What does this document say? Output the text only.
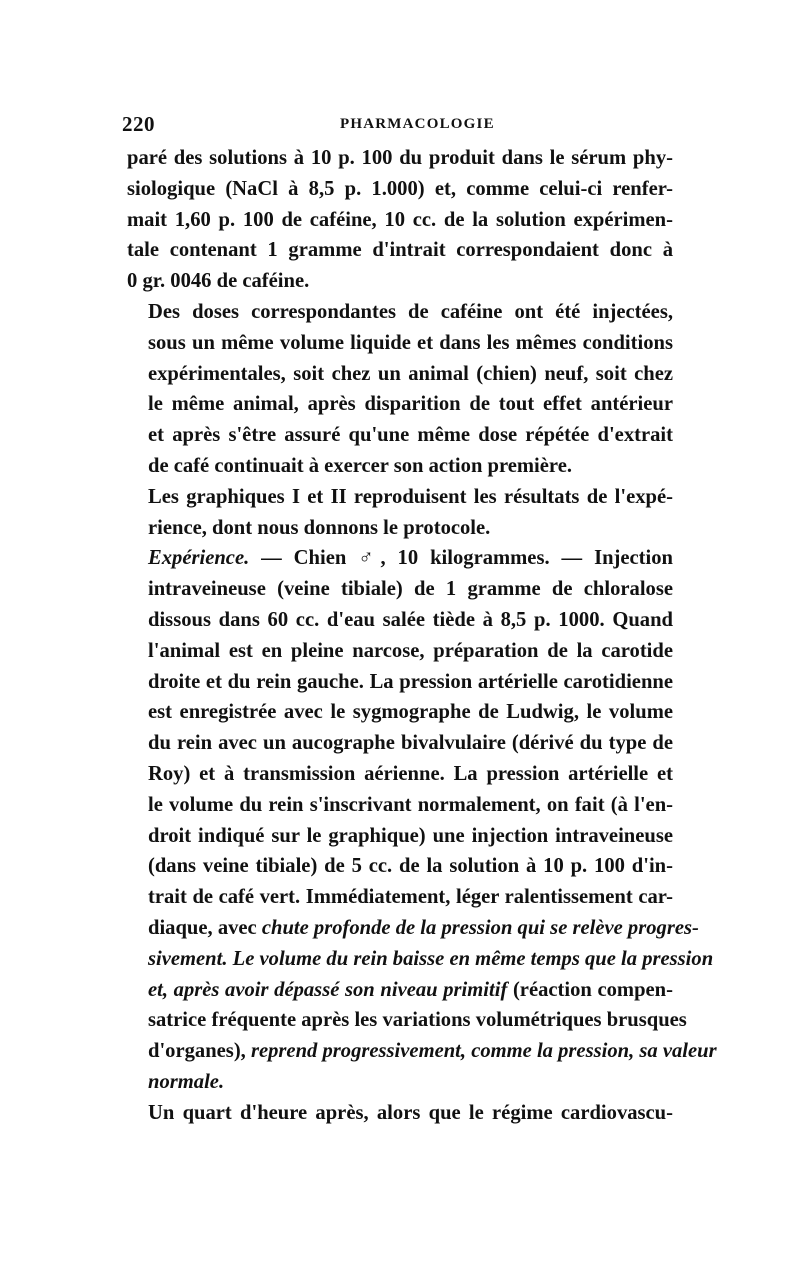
220	PHARMACOLOGIE

paré des solutions à 10 p. 100 du produit dans le sérum phy-
siologique (NaCl à 8,5 p. 1.000) et, comme celui-ci renfer-
mait 1,60 p. 100 de caféine, 10 cc. de la solution expérimen-
tale contenant 1 gramme d'intrait correspondaient donc à
0 gr. 0046 de caféine.

Des doses correspondantes de caféine ont été injectées,
sous un même volume liquide et dans les mêmes conditions
expérimentales, soit chez un animal (chien) neuf, soit chez
le même animal, après disparition de tout effet antérieur
et après s'être assuré qu'une même dose répétée d'extrait
de café continuait à exercer son action première.

Les graphiques I et II reproduisent les résultats de l'expé-
rience, dont nous donnons le protocole.

Expérience. — Chien ♂, 10 kilogrammes. — Injection
intraveineuse (veine tibiale) de 1 gramme de chloralose
dissous dans 60 cc. d'eau salée tiède à 8,5 p. 1000. Quand
l'animal est en pleine narcose, préparation de la carotide
droite et du rein gauche. La pression artérielle carotidienne
est enregistrée avec le sygmographe de Ludwig, le volume
du rein avec un aucographe bivalvulaire (dérivé du type de
Roy) et à transmission aérienne. La pression artérielle et
le volume du rein s'inscrivant normalement, on fait (à l'en-
droit indiqué sur le graphique) une injection intraveineuse
(dans veine tibiale) de 5 cc. de la solution à 10 p. 100 d'in-
trait de café vert. Immédiatement, léger ralentissement car-
diaque, avec chute profonde de la pression qui se relève progres-
sivement. Le volume du rein baisse en même temps que la pression
et, après avoir dépassé son niveau primitif (réaction compen-
satrice fréquente après les variations volumétriques brusques
d'organes), reprend progressivement, comme la pression, sa valeur
normale.

Un quart d'heure après, alors que le régime cardiovascu-
